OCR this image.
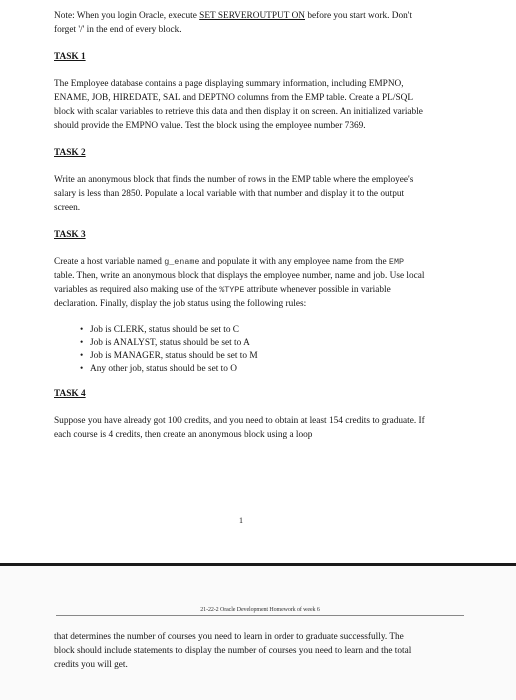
Note: When you login Oracle, execute SET SERVEROUTPUT ON before you start work. Don't forget '/' in the end of every block.

TASK 1

The Employee database contains a page displaying summary information, including EMPNO, ENAME, JOB, HIREDATE, SAL and DEPTNO columns from the EMP table. Create a PL/SQL block with scalar variables to retrieve this data and then display it on screen. An initialized variable should provide the EMPNO value. Test the block using the employee number 7369.

TASK 2

Write an anonymous block that finds the number of rows in the EMP table where the employee's salary is less than 2850. Populate a local variable with that number and display it to the output screen.

TASK 3

Create a host variable named g_ename and populate it with any employee name from the EMP table. Then, write an anonymous block that displays the employee number, name and job. Use local variables as required also making use of the %TYPE attribute whenever possible in variable declaration. Finally, display the job status using the following rules:

• Job is CLERK, status should be set to C
• Job is ANALYST, status should be set to A
• Job is MANAGER, status should be set to M
• Any other job, status should be set to O

TASK 4

Suppose you have already got 100 credits, and you need to obtain at least 154 credits to graduate. If each course is 4 credits, then create an anonymous block using a loop

1
21-22-2 Oracle Development Homework of week 6

that determines the number of courses you need to learn in order to graduate successfully. The block should include statements to display the number of courses you need to learn and the total credits you will get.
